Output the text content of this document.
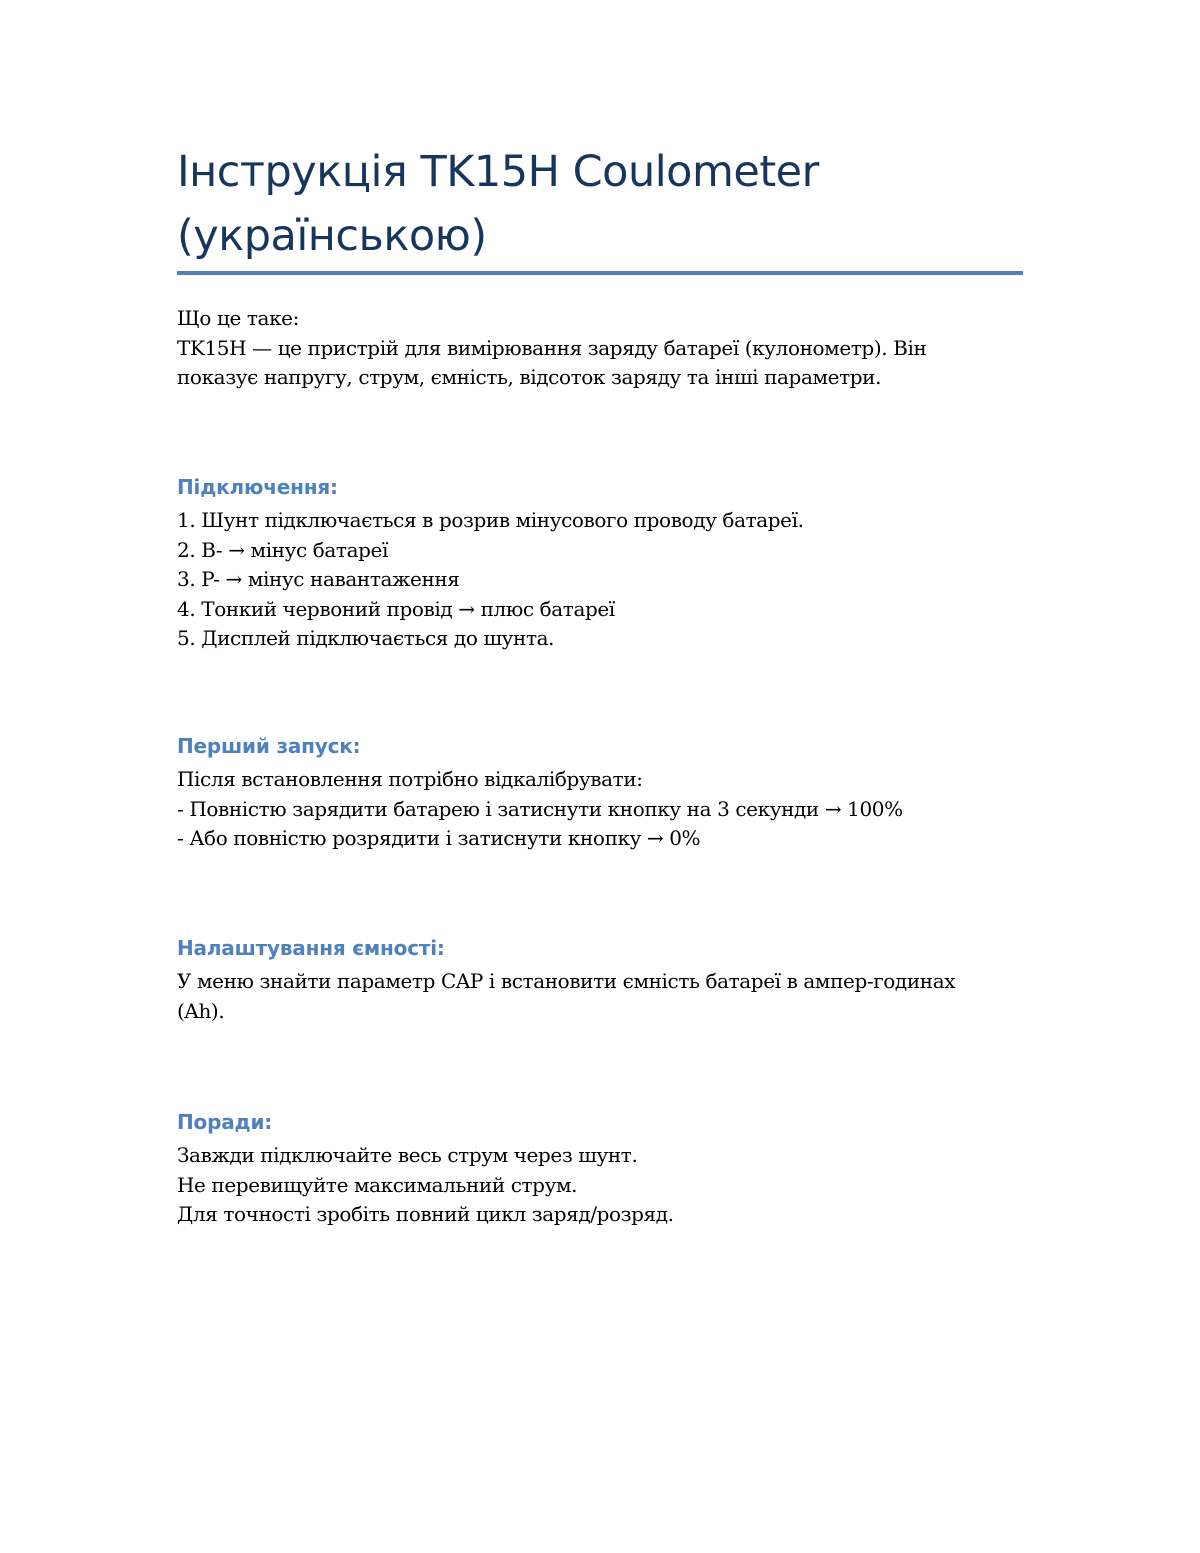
Інструкція TK15H Coulometer
(українською)

Що це таке:
TK15H — це пристрій для вимірювання заряду батареї (кулонометр). Він
показує напругу, струм, ємність, відсоток заряду та інші параметри.

Підключення:

1. Шунт підключається в розрив мінусового проводу батареї.
2. B- → мінус батареї
3. P- → мінус навантаження
4. Тонкий червоний провід → плюс батареї
5. Дисплей підключається до шунта.

Перший запуск:

Після встановлення потрібно відкалібрувати:
- Повністю зарядити батарею і затиснути кнопку на 3 секунди → 100%
- Або повністю розрядити і затиснути кнопку → 0%

Налаштування ємності:

У меню знайти параметр CAP і встановити ємність батареї в ампер-годинах
(Ah).

Поради:

Завжди підключайте весь струм через шунт.
Не перевищуйте максимальний струм.
Для точності зробіть повний цикл заряд/розряд.
